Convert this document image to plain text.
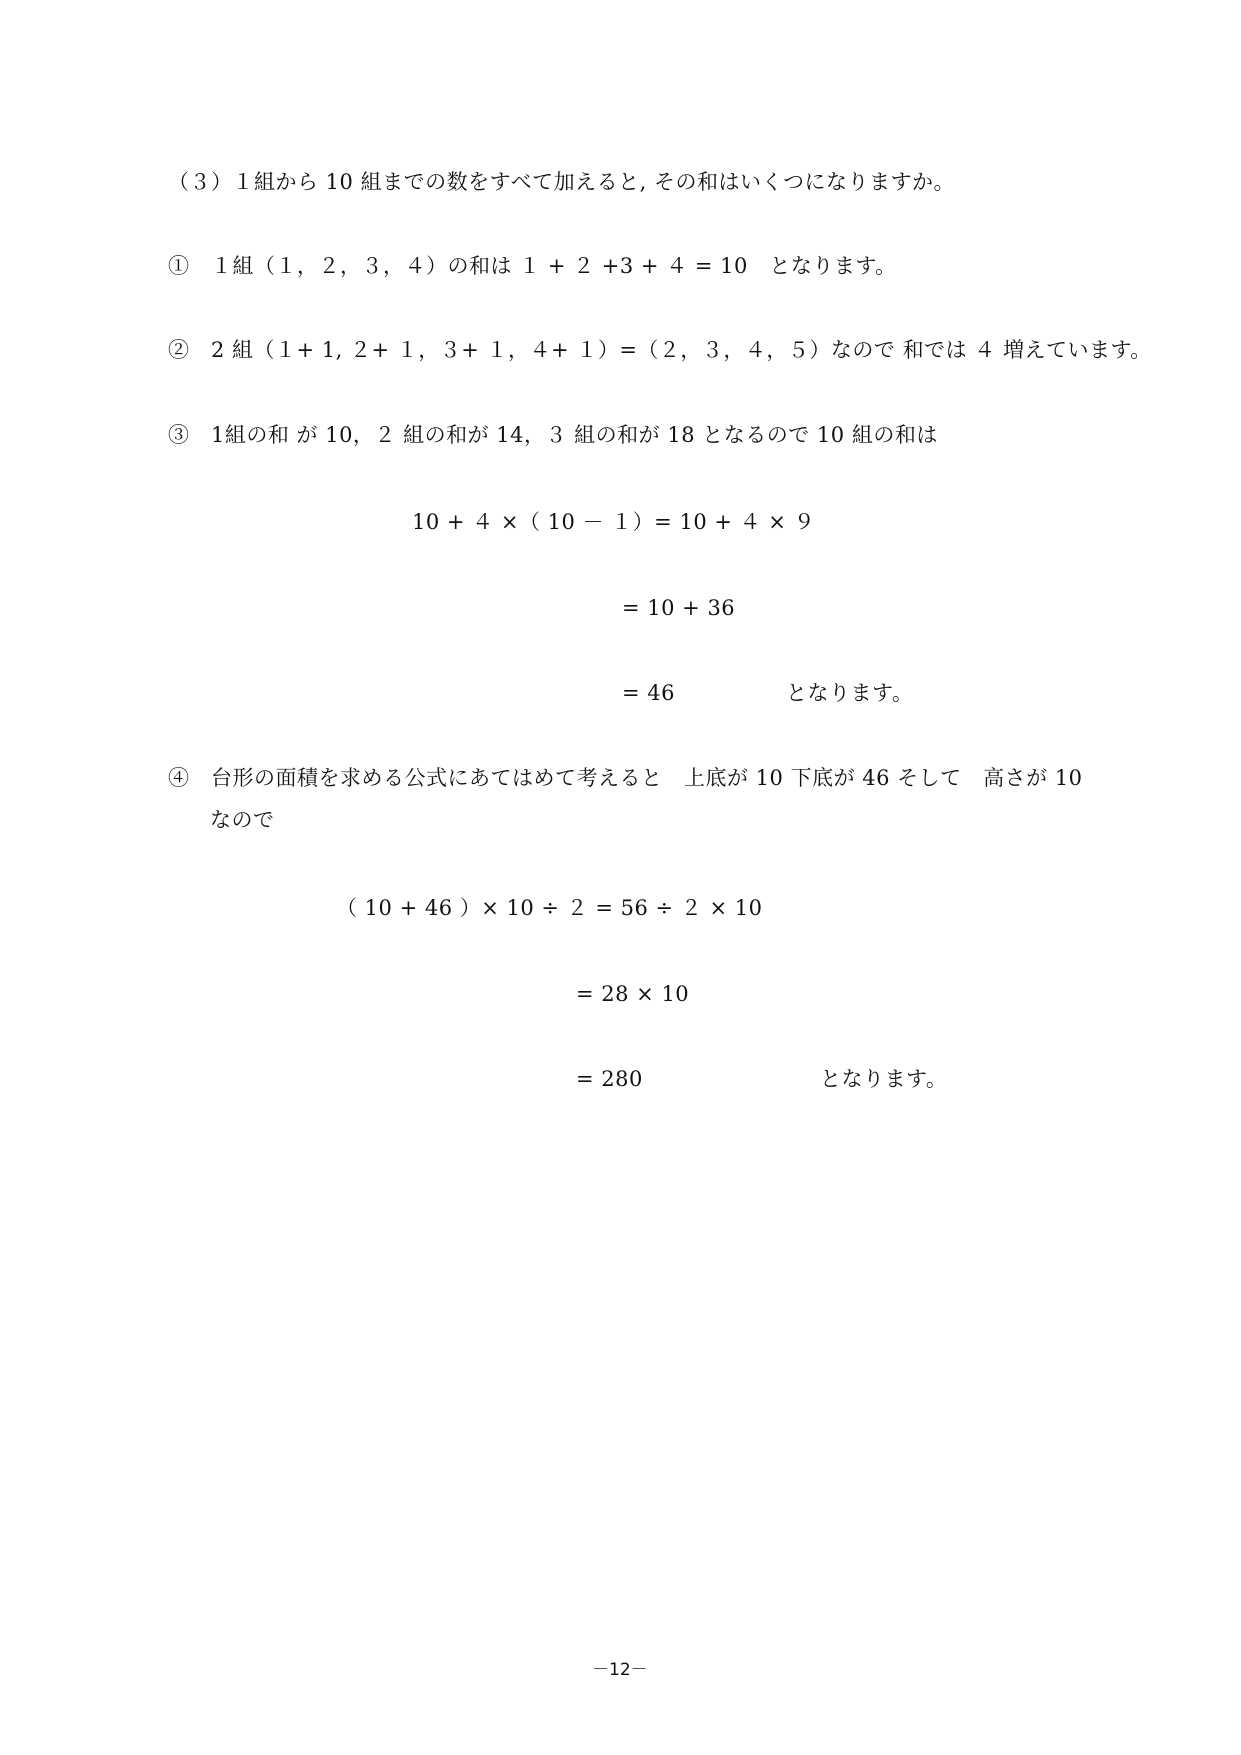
（３）１組から 10 組までの数をすべて加えると, その和はいくつになりますか。
①　１組（１，２，３，４）の和は １ + ２ +3 + ４ = 10　となります。
②　2 組（１+ 1, ２+ １，３+ １，４+ １）=（２，３，４，５）なので 和では ４ 増えています。
③　1組の和 が 10，２ 組の和が 14，３ 組の和が 18 となるので 10 組の和は
10 + ４ ×（ 10 － １）= 10 + ４ × ９
= 10 + 36
= 46	となります。
④　台形の面積を求める公式にあてはめて考えると　上底が 10 下底が 46 そして　高さが 10
なので
（ 10 + 46 ）× 10 ÷ ２ = 56 ÷ ２ × 10
= 28 × 10
= 280	となります。
－12－
